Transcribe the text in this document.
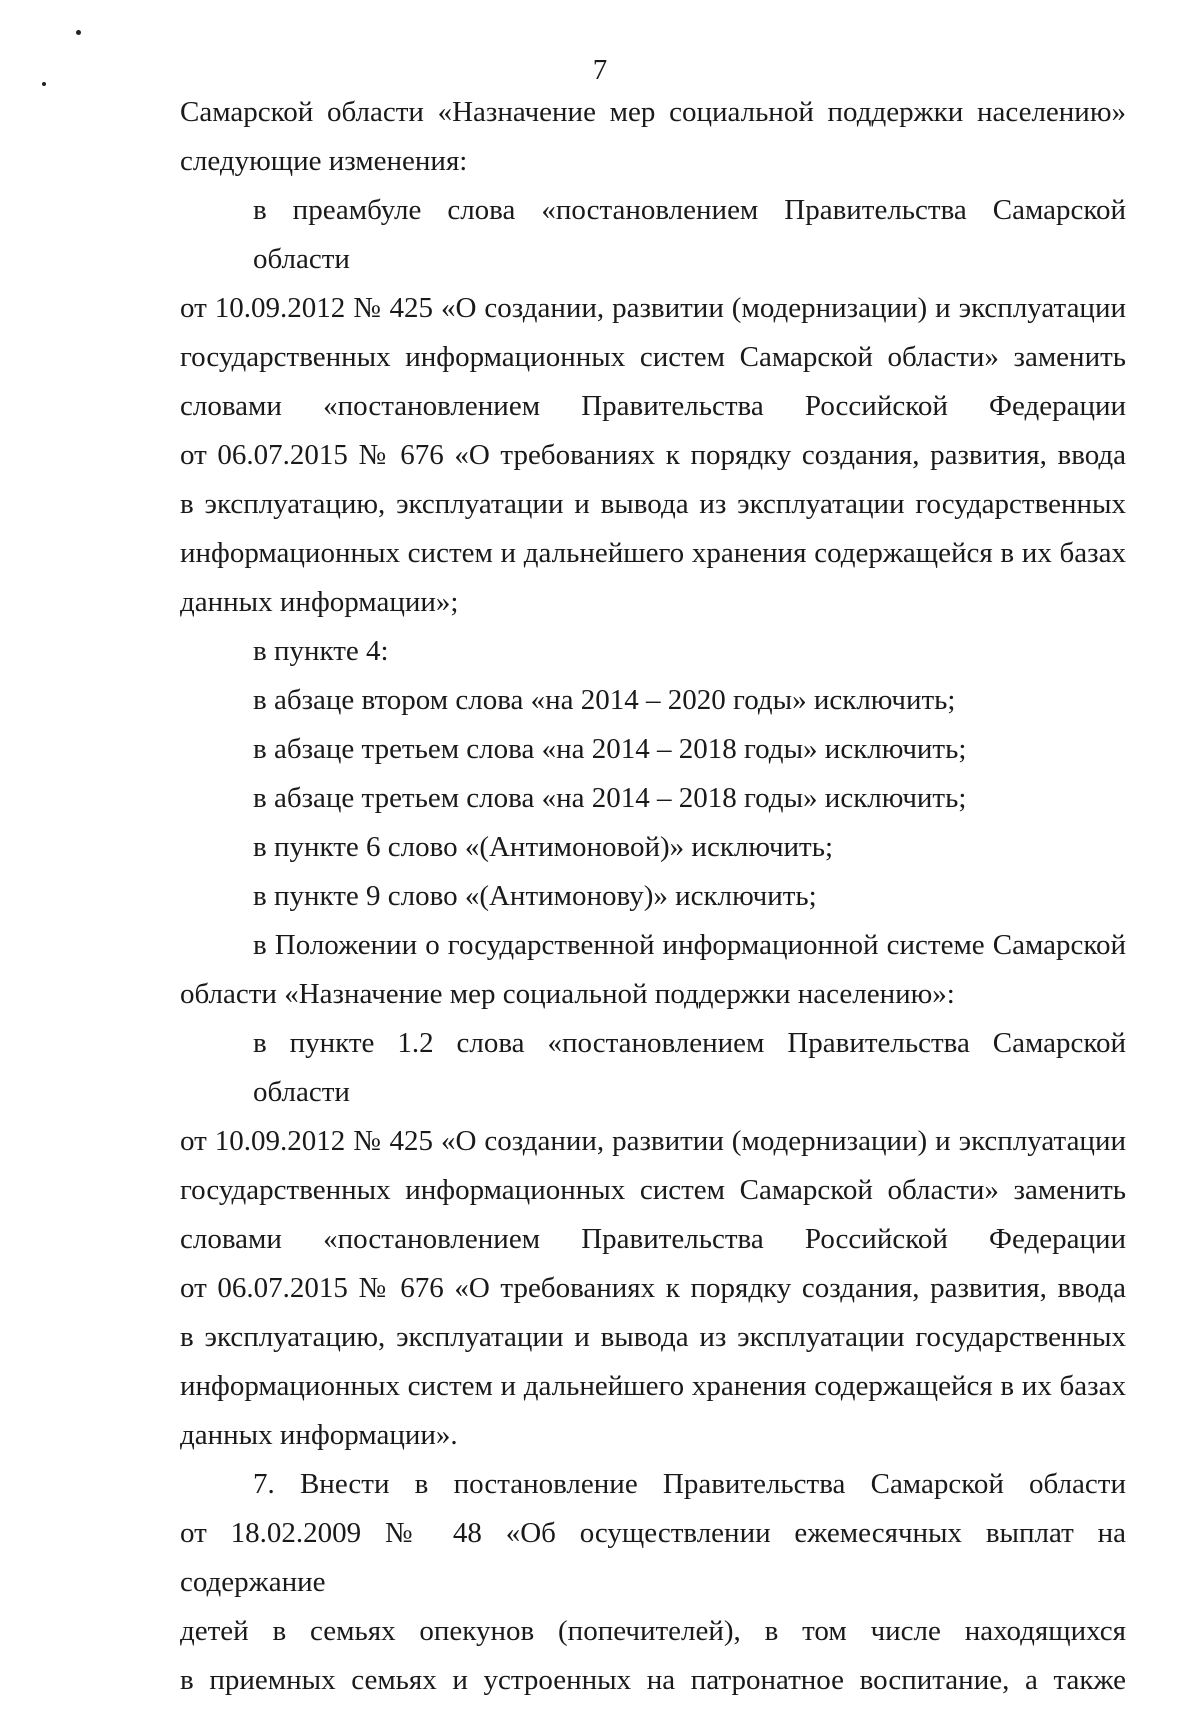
7
Самарской области «Назначение мер социальной поддержки населению»
следующие изменения:
в преамбуле слова «постановлением Правительства Самарской области
от 10.09.2012 № 425 «О создании, развитии (модернизации) и эксплуатации
государственных информационных систем Самарской области» заменить
словами «постановлением Правительства Российской Федерации
от 06.07.2015 № 676 «О требованиях к порядку создания, развития, ввода
в эксплуатацию, эксплуатации и вывода из эксплуатации государственных
информационных систем и дальнейшего хранения содержащейся в их базах
данных информации»;
в пункте 4:
в абзаце втором слова «на 2014 – 2020 годы» исключить;
в абзаце третьем слова «на 2014 – 2018 годы» исключить;
в абзаце третьем слова «на 2014 – 2018 годы» исключить;
в пункте 6 слово «(Антимоновой)» исключить;
в пункте 9 слово «(Антимонову)» исключить;
в Положении о государственной информационной системе Самарской
области «Назначение мер социальной поддержки населению»:
в пункте 1.2 слова «постановлением Правительства Самарской области
от 10.09.2012 № 425 «О создании, развитии (модернизации) и эксплуатации
государственных информационных систем Самарской области» заменить
словами «постановлением Правительства Российской Федерации
от 06.07.2015 № 676 «О требованиях к порядку создания, развития, ввода
в эксплуатацию, эксплуатации и вывода из эксплуатации государственных
информационных систем и дальнейшего хранения содержащейся в их базах
данных информации».
7. Внести в постановление Правительства Самарской области
от 18.02.2009 № 48 «Об осуществлении ежемесячных выплат на содержание
детей в семьях опекунов (попечителей), в том числе находящихся
в приемных семьях и устроенных на патронатное воспитание, а также
